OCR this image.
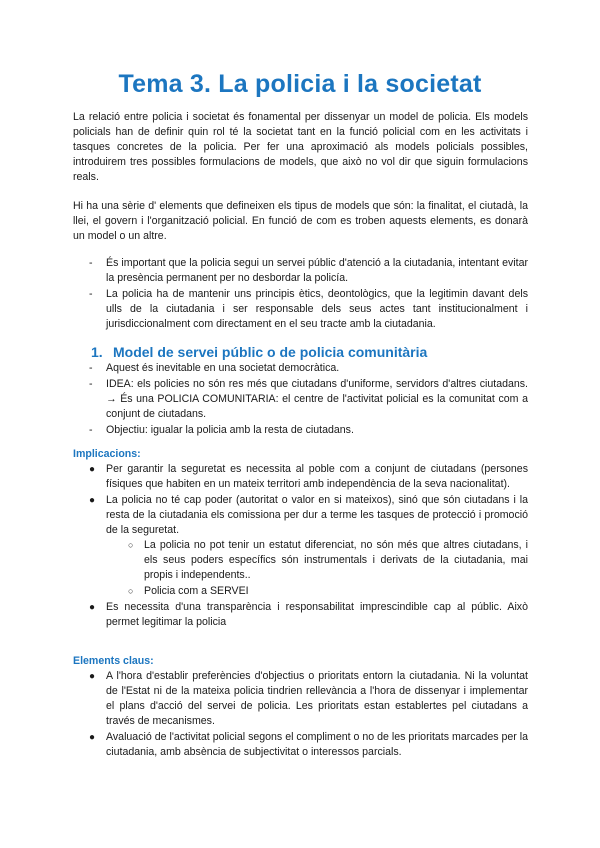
Tema 3. La policia i la societat

La relació entre policia i societat és fonamental per dissenyar un model de policia. Els models policials han de definir quin rol té la societat tant en la funció policial com en les activitats i tasques concretes de la policia. Per fer una aproximació als models policials possibles, introduirem tres possibles formulacions de models, que això no vol dir que siguin formulacions reals.

Hi ha una sèrie d' elements que defineixen els tipus de models que són: la finalitat, el ciutadà, la llei, el govern i l'organització policial. En funció de com es troben aquests elements, es donarà un model o un altre.

- És important que la policia segui un servei públic d'atenció a la ciutadania, intentant evitar la presència permanent per no desbordar la policía.
- La policia ha de mantenir uns principis ètics, deontològics, que la legitimin davant dels ulls de la ciutadania i ser responsable dels seus actes tant institucionalment i jurisdiccionalment com directament en el seu tracte amb la ciutadania.
1. Model de servei públic o de policia comunitària
- Aquest és inevitable en una societat democràtica.
- IDEA: els policies no són res més que ciutadans d'uniforme, servidors d'altres ciutadans. → És una POLICIA COMUNITARIA: el centre de l'activitat policial es la comunitat com a conjunt de ciutadans.
- Objectiu: igualar la policia amb la resta de ciutadans.

Implicacions:

● Per garantir la seguretat es necessita al poble com a conjunt de ciutadans (persones físiques que habiten en un mateix territori amb independència de la seva nacionalitat).
● La policia no té cap poder (autoritat o valor en si mateixos), sinó que són ciutadans i la resta de la ciutadania els comissiona per dur a terme les tasques de protecció i promoció de la seguretat.
○ La policia no pot tenir un estatut diferenciat, no són més que altres ciutadans, i els seus poders específics són instrumentals i derivats de la ciutadania, mai propis i independents..
○ Policia com a SERVEI
● Es necessita d'una transparència i responsabilitat imprescindible cap al públic. Això permet legitimar la policia

Elements claus:

● A l'hora d'establir preferències d'objectius o prioritats entorn la ciutadania. Ni la voluntat de l'Estat ni de la mateixa policia tindrien rellevància a l'hora de dissenyar i implementar el plans d'acció del servei de policia. Les prioritats estan establertes pel ciutadans a través de mecanismes.
● Avaluació de l'activitat policial segons el compliment o no de les prioritats marcades per la ciutadania, amb absència de subjectivitat o interessos parcials.
